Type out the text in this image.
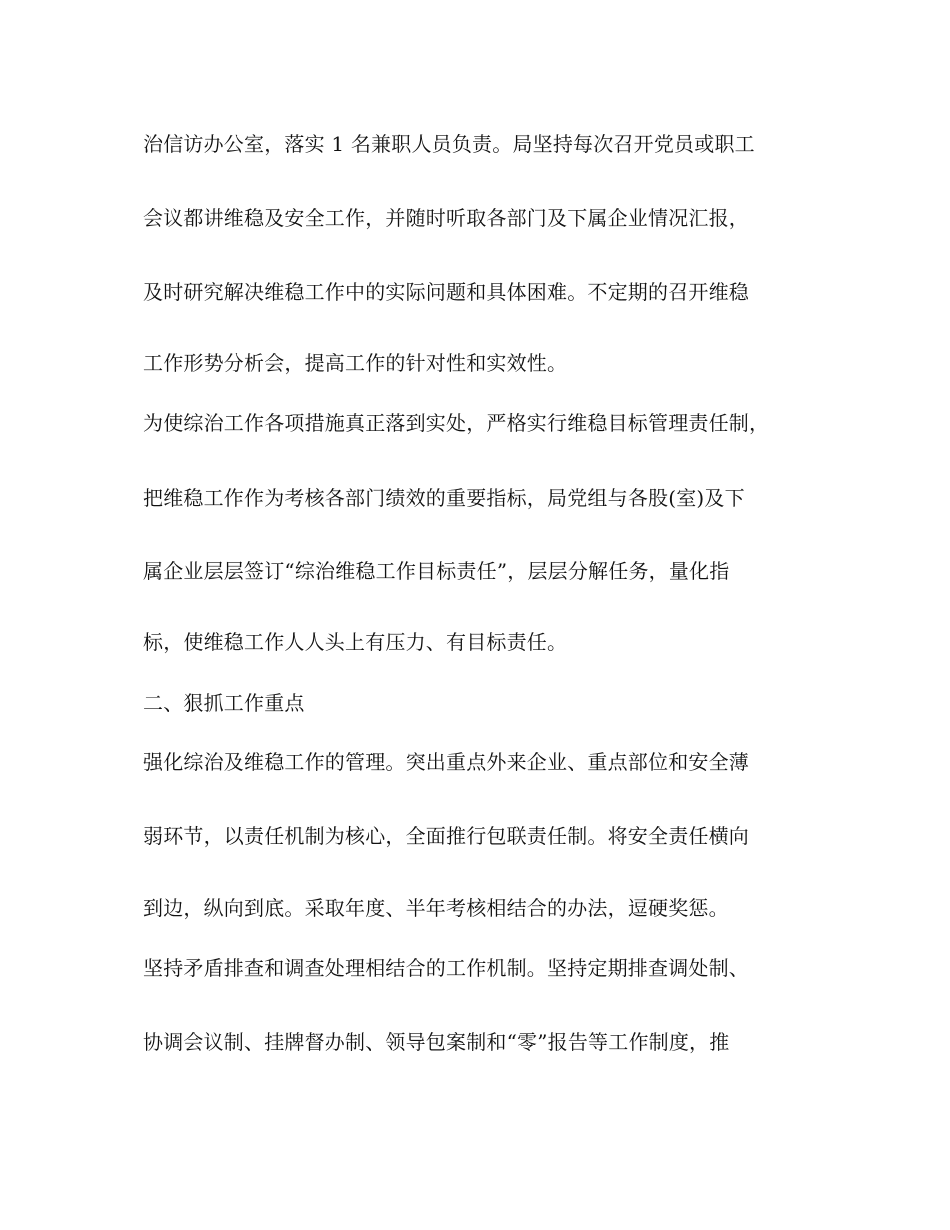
治信访办公室，落实 1 名兼职人员负责。局坚持每次召开党员或职工
会议都讲维稳及安全工作，并随时听取各部门及下属企业情况汇报，
及时研究解决维稳工作中的实际问题和具体困难。不定期的召开维稳
工作形势分析会，提高工作的针对性和实效性。
为使综治工作各项措施真正落到实处，严格实行维稳目标管理责任制，
把维稳工作作为考核各部门绩效的重要指标，局党组与各股(室)及下
属企业层层签订“综治维稳工作目标责任”，层层分解任务，量化指
标，使维稳工作人人头上有压力、有目标责任。
二、狠抓工作重点
强化综治及维稳工作的管理。突出重点外来企业、重点部位和安全薄
弱环节，以责任机制为核心，全面推行包联责任制。将安全责任横向
到边，纵向到底。采取年度、半年考核相结合的办法，逗硬奖惩。
坚持矛盾排查和调查处理相结合的工作机制。坚持定期排查调处制、
协调会议制、挂牌督办制、领导包案制和“零”报告等工作制度，推
